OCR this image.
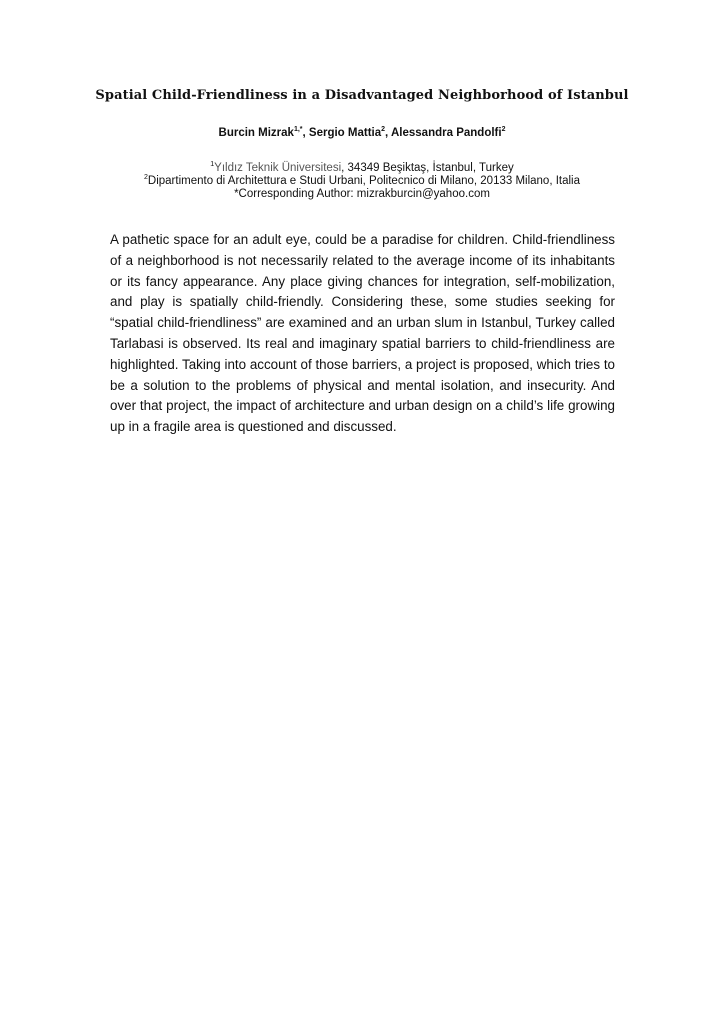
Spatial Child-Friendliness in a Disadvantaged Neighborhood of Istanbul
Burcin Mizrak$^{1,*}$, Sergio Mattia$^2$, Alessandra Pandolfi$^2$
$^1$Yıldız Teknik Üniversitesi, 34349 Beşiktaş, İstanbul, Turkey
$^2$Dipartimento di Architettura e Studi Urbani, Politecnico di Milano, 20133 Milano, Italia
*Corresponding Author: mizrakburcin@yahoo.com

A pathetic space for an adult eye, could be a paradise for children. Child-friendliness of a neighborhood is not necessarily related to the average income of its inhabitants or its fancy appearance. Any place giving chances for integration, self-mobilization, and play is spatially child-friendly. Considering these, some studies seeking for “spatial child-friendliness” are examined and an urban slum in Istanbul, Turkey called Tarlabasi is observed. Its real and imaginary spatial barriers to child-friendliness are highlighted. Taking into account of those barriers, a project is proposed, which tries to be a solution to the problems of physical and mental isolation, and insecurity. And over that project, the impact of architecture and urban design on a child’s life growing up in a fragile area is questioned and discussed.
